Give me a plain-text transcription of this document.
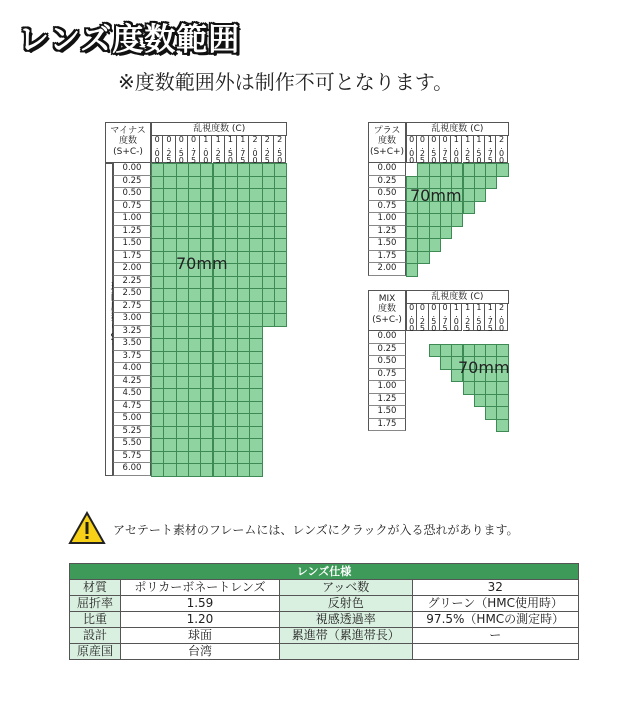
レンズ度数範囲
※度数範囲外は制作不可となります。
マイナス
度数
(S+C-)
乱視度数 (C)
0.00 0.25 0.50 0.75 1.00 1.25 1.50 1.75 2.00 2.25 2.50
0.00
0.25
0.50
0.75
1.00
1.25
1.50
1.75
2.00
2.25
2.50
2.75
3.00
3.25
3.50
3.75
4.00
4.25
4.50
4.75
5.00
5.25
5.50
5.75
6.00
70mm
プラス
度数
(S+C+)
乱視度数 (C)
0.00 0.25 0.50 0.75 1.00 1.25 1.50 1.75 2.00
0.00
0.25
0.50
0.75
1.00
1.25
1.50
1.75
2.00
70mm
MIX
度数
(S+C-)
乱視度数 (C)
0.00 0.25 0.50 0.75 1.00 1.25 1.50 1.75 2.00
0.00
0.25
0.50
0.75
1.00
1.25
1.50
1.75
70mm
アセテート素材のフレームには、レンズにクラックが入る恐れがあります。
レンズ仕様			
材質	ポリカーボネートレンズ	アッベ数	32
屈折率	1.59	反射色	グリーン（HMC使用時）
比重	1.20	視感透過率	97.5%（HMCの測定時）
設計	球面	累進帯（累進帯長）	ー
原産国	台湾		
